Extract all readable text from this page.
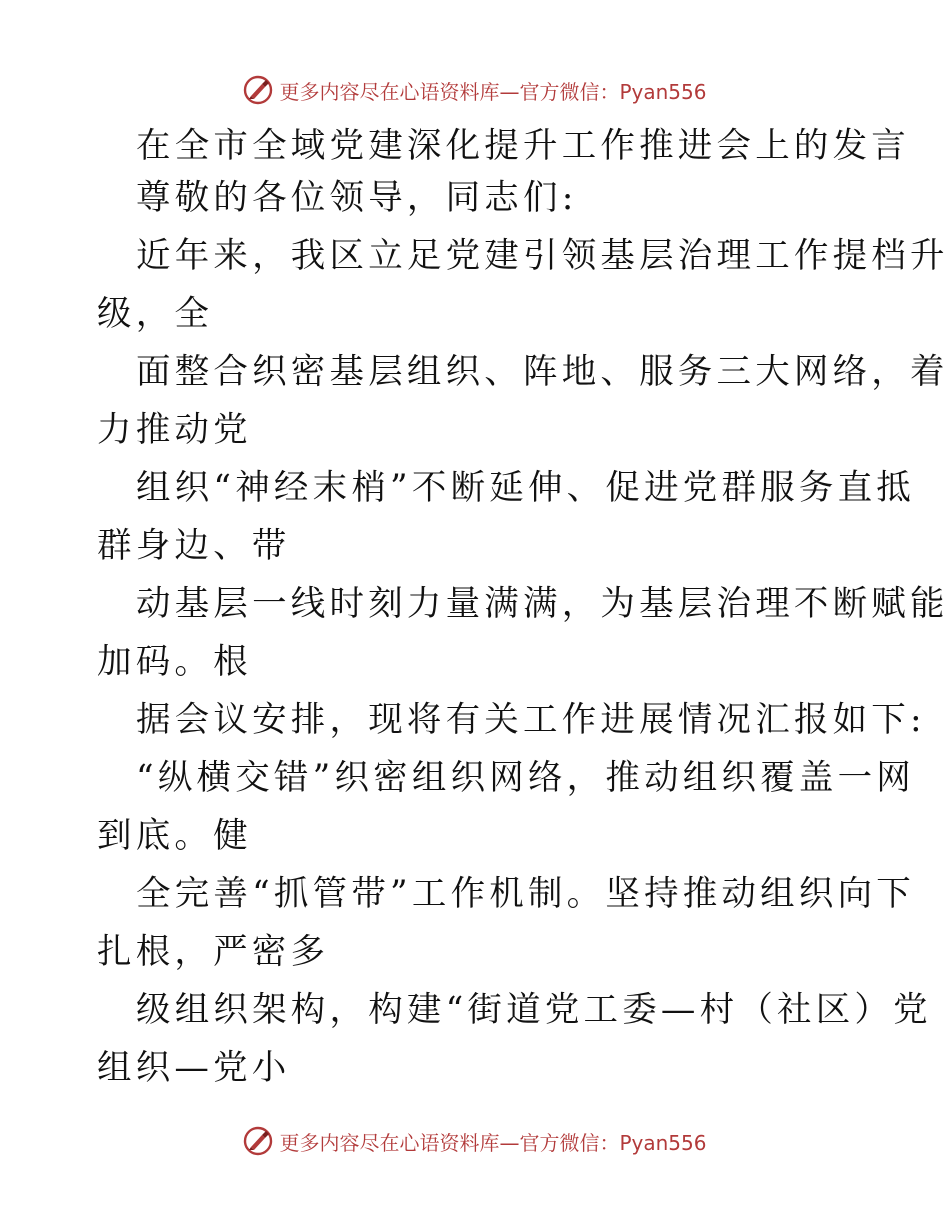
更多内容尽在心语资料库—官方微信：Pyan556
在全市全域党建深化提升工作推进会上的发言
尊敬的各位领导，同志们:
近年来，我区立足党建引领基层治理工作提档升
级，全
面整合织密基层组织、阵地、服务三大网络，着
力推动党
组织“神经末梢”不断延伸、促进党群服务直抵
群身边、带
动基层一线时刻力量满满，为基层治理不断赋能
加码。根
据会议安排，现将有关工作进展情况汇报如下:
“纵横交错”织密组织网络，推动组织覆盖一网
到底。健
全完善“抓管带”工作机制。坚持推动组织向下
扎根，严密多
级组织架构，构建“街道党工委—村（社区）党
组织—党小
更多内容尽在心语资料库—官方微信：Pyan556
